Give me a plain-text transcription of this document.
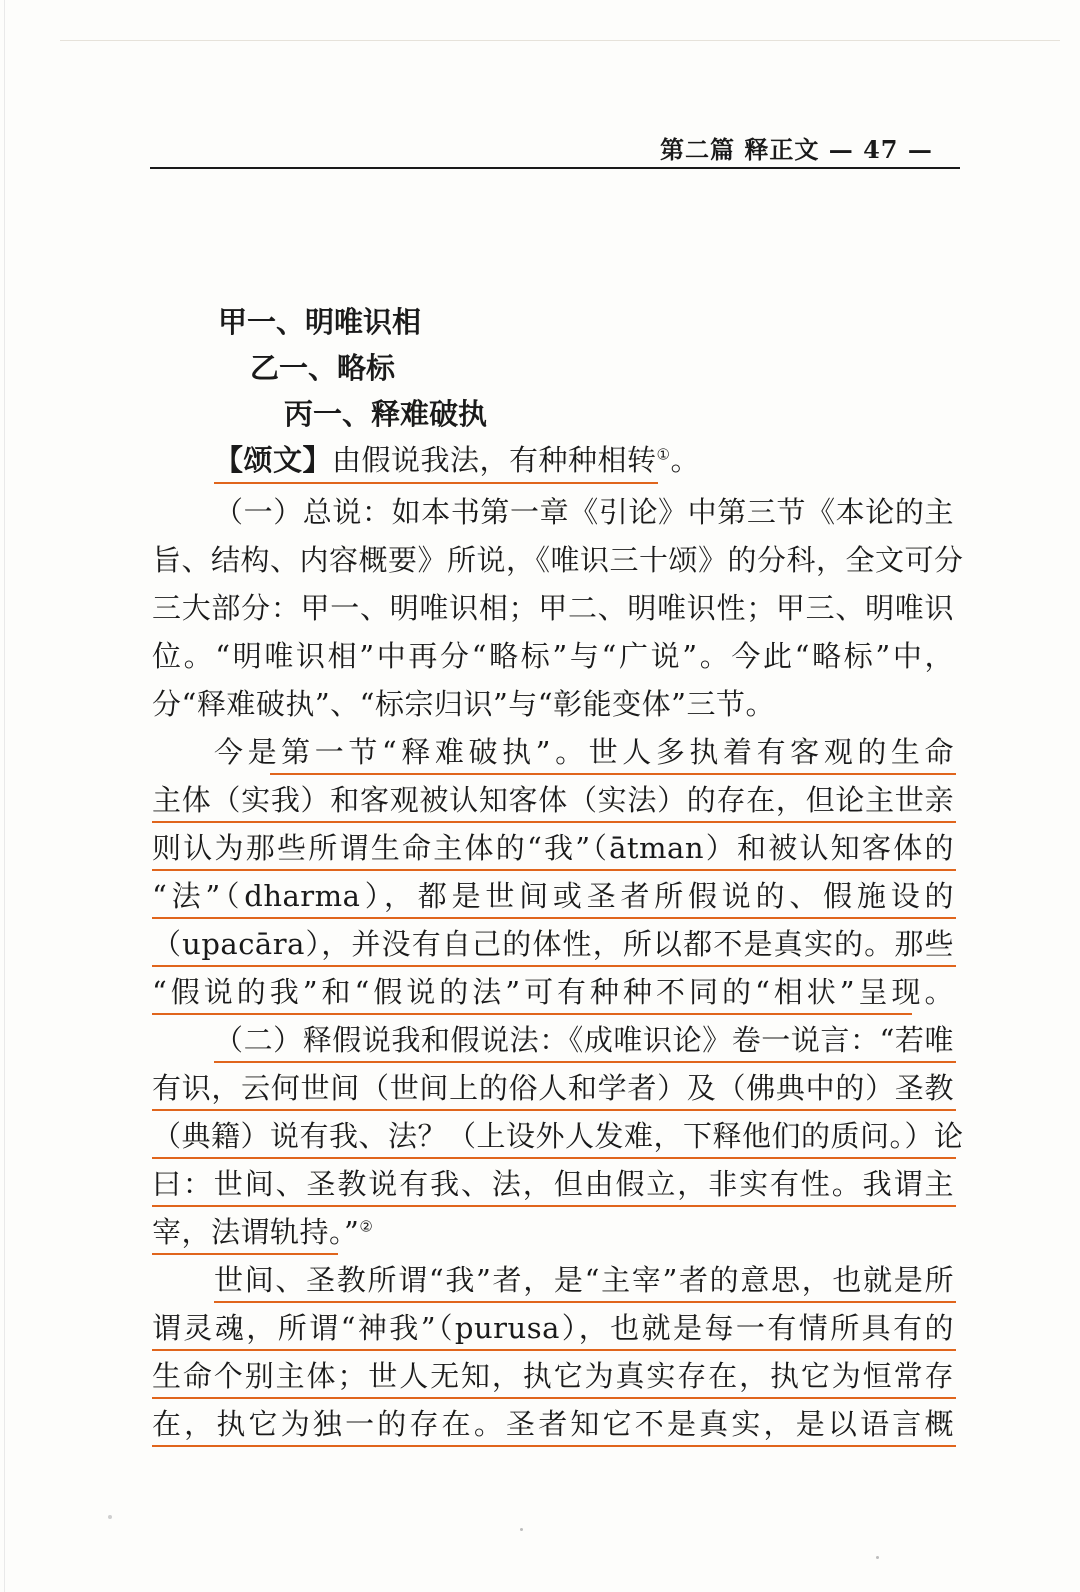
第二篇 释正文 — 47 —
甲一、明唯识相
乙一、略标
丙一、释难破执
【颂文】由假说我法，有种种相转①。
（一）总说：如本书第一章《引论》中第三节《本论的主
旨、结构、内容概要》所说，《唯识三十颂》的分科，全文可分
三大部分：甲一、明唯识相；甲二、明唯识性；甲三、明唯识
位。“明唯识相”中再分“略标”与“广说”。今此“略标”中，
分“释难破执”、“标宗归识”与“彰能变体”三节。
今是第一节“释难破执”。世人多执着有客观的生命
主体（实我）和客观被认知客体（实法）的存在，但论主世亲
则认为那些所谓生命主体的“我”（ātman）和被认知客体的
“法”（dharma），都是世间或圣者所假说的、假施设的
（upacāra），并没有自己的体性，所以都不是真实的。那些
“假说的我”和“假说的法”可有种种不同的“相状”呈现。
（二）释假说我和假说法：《成唯识论》卷一说言：“若唯
有识，云何世间（世间上的俗人和学者）及（佛典中的）圣教
（典籍）说有我、法？（上设外人发难，下释他们的质问。）论
曰：世间、圣教说有我、法，但由假立，非实有性。我谓主
宰，法谓轨持。”②
世间、圣教所谓“我”者，是“主宰”者的意思，也就是所
谓灵魂，所谓“神我”（purusa），也就是每一有情所具有的
生命个别主体；世人无知，执它为真实存在，执它为恒常存
在，执它为独一的存在。圣者知它不是真实，是以语言概
